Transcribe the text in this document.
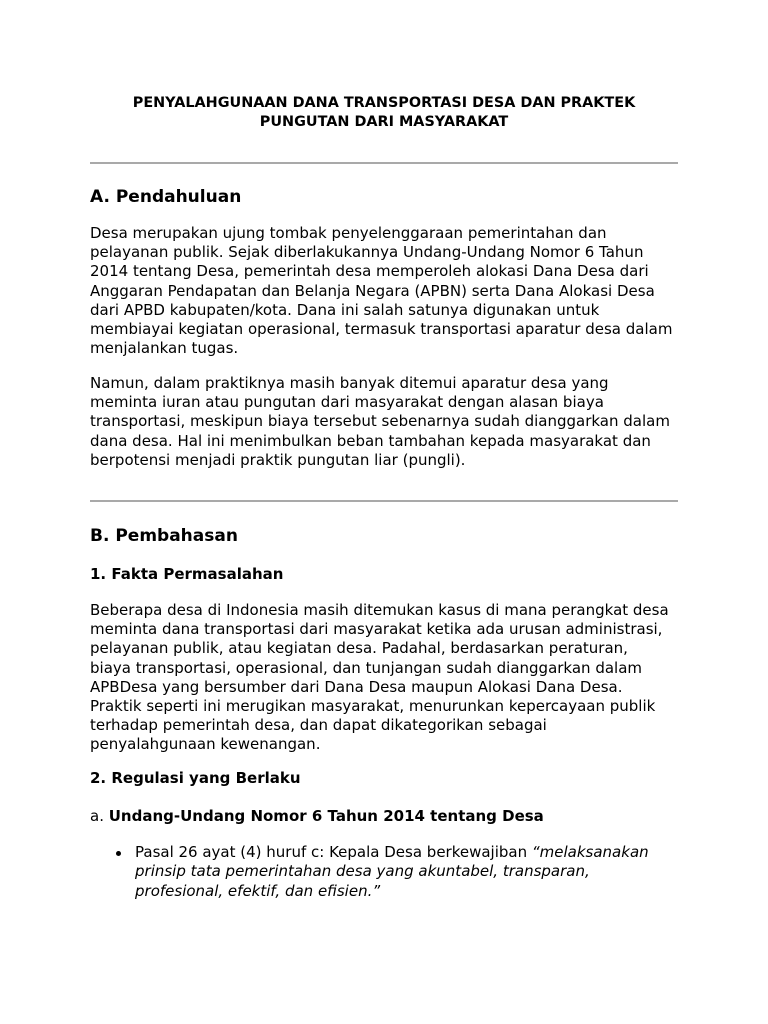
PENYALAHGUNAAN DANA TRANSPORTASI DESA DAN PRAKTEK
PUNGUTAN DARI MASYARAKAT
A. Pendahuluan

Desa merupakan ujung tombak penyelenggaraan pemerintahan dan
pelayanan publik. Sejak diberlakukannya Undang-Undang Nomor 6 Tahun
2014 tentang Desa, pemerintah desa memperoleh alokasi Dana Desa dari
Anggaran Pendapatan dan Belanja Negara (APBN) serta Dana Alokasi Desa
dari APBD kabupaten/kota. Dana ini salah satunya digunakan untuk
membiayai kegiatan operasional, termasuk transportasi aparatur desa dalam
menjalankan tugas.

Namun, dalam praktiknya masih banyak ditemui aparatur desa yang
meminta iuran atau pungutan dari masyarakat dengan alasan biaya
transportasi, meskipun biaya tersebut sebenarnya sudah dianggarkan dalam
dana desa. Hal ini menimbulkan beban tambahan kepada masyarakat dan
berpotensi menjadi praktik pungutan liar (pungli).

B. Pembahasan
1. Fakta Permasalahan

Beberapa desa di Indonesia masih ditemukan kasus di mana perangkat desa
meminta dana transportasi dari masyarakat ketika ada urusan administrasi,
pelayanan publik, atau kegiatan desa. Padahal, berdasarkan peraturan,
biaya transportasi, operasional, dan tunjangan sudah dianggarkan dalam
APBDesa yang bersumber dari Dana Desa maupun Alokasi Dana Desa.
Praktik seperti ini merugikan masyarakat, menurunkan kepercayaan publik
terhadap pemerintah desa, dan dapat dikategorikan sebagai
penyalahgunaan kewenangan.

2. Regulasi yang Berlaku

a. Undang-Undang Nomor 6 Tahun 2014 tentang Desa

Pasal 26 ayat (4) huruf c: Kepala Desa berkewajiban “melaksanakan
prinsip tata pemerintahan desa yang akuntabel, transparan,
profesional, efektif, dan efisien.”
